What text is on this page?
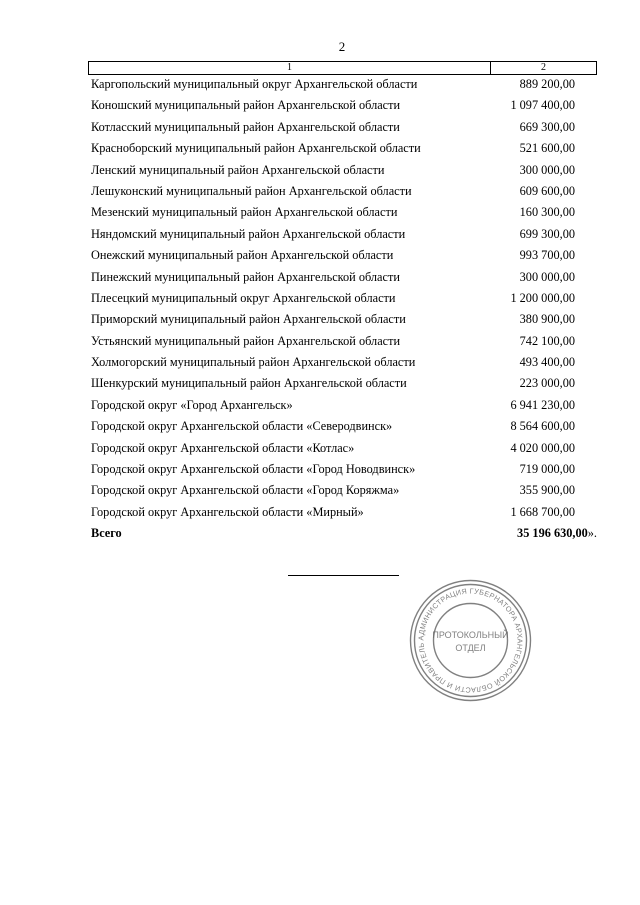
2
1	2
Каргопольский муниципальный округ Архангельской области	889 200,00
Коношский муниципальный район Архангельской области	1 097 400,00
Котласский муниципальный район Архангельской области	669 300,00
Красноборский муниципальный район Архангельской области	521 600,00
Ленский муниципальный район Архангельской области	300 000,00
Лешуконский муниципальный район Архангельской области	609 600,00
Мезенский муниципальный район Архангельской области	160 300,00
Няндомский муниципальный район Архангельской области	699 300,00
Онежский муниципальный район Архангельской области	993 700,00
Пинежский муниципальный район Архангельской области	300 000,00
Плесецкий муниципальный округ Архангельской области	1 200 000,00
Приморский муниципальный район Архангельской области	380 900,00
Устьянский муниципальный район Архангельской области	742 100,00
Холмогорский муниципальный район Архангельской области	493 400,00
Шенкурский муниципальный район Архангельской области	223 000,00
Городской округ «Город Архангельск»	6 941 230,00
Городской округ Архангельской области «Северодвинск»	8 564 600,00
Городской округ Архангельской области «Котлас»	4 020 000,00
Городской округ Архангельской области «Город Новодвинск»	719 000,00
Городской округ Архангельской области «Город Коряжма»	355 900,00
Городской округ Архангельской области «Мирный»	1 668 700,00
Всего	35 196 630,00».
АДМИНИСТРАЦИЯ ГУБЕРНАТОРА АРХАНГЕЛЬСКОЙ ОБЛАСТИ И ПРАВИТЕЛЬ
ПРОТОКОЛЬНЫЙ
ОТДЕЛ
